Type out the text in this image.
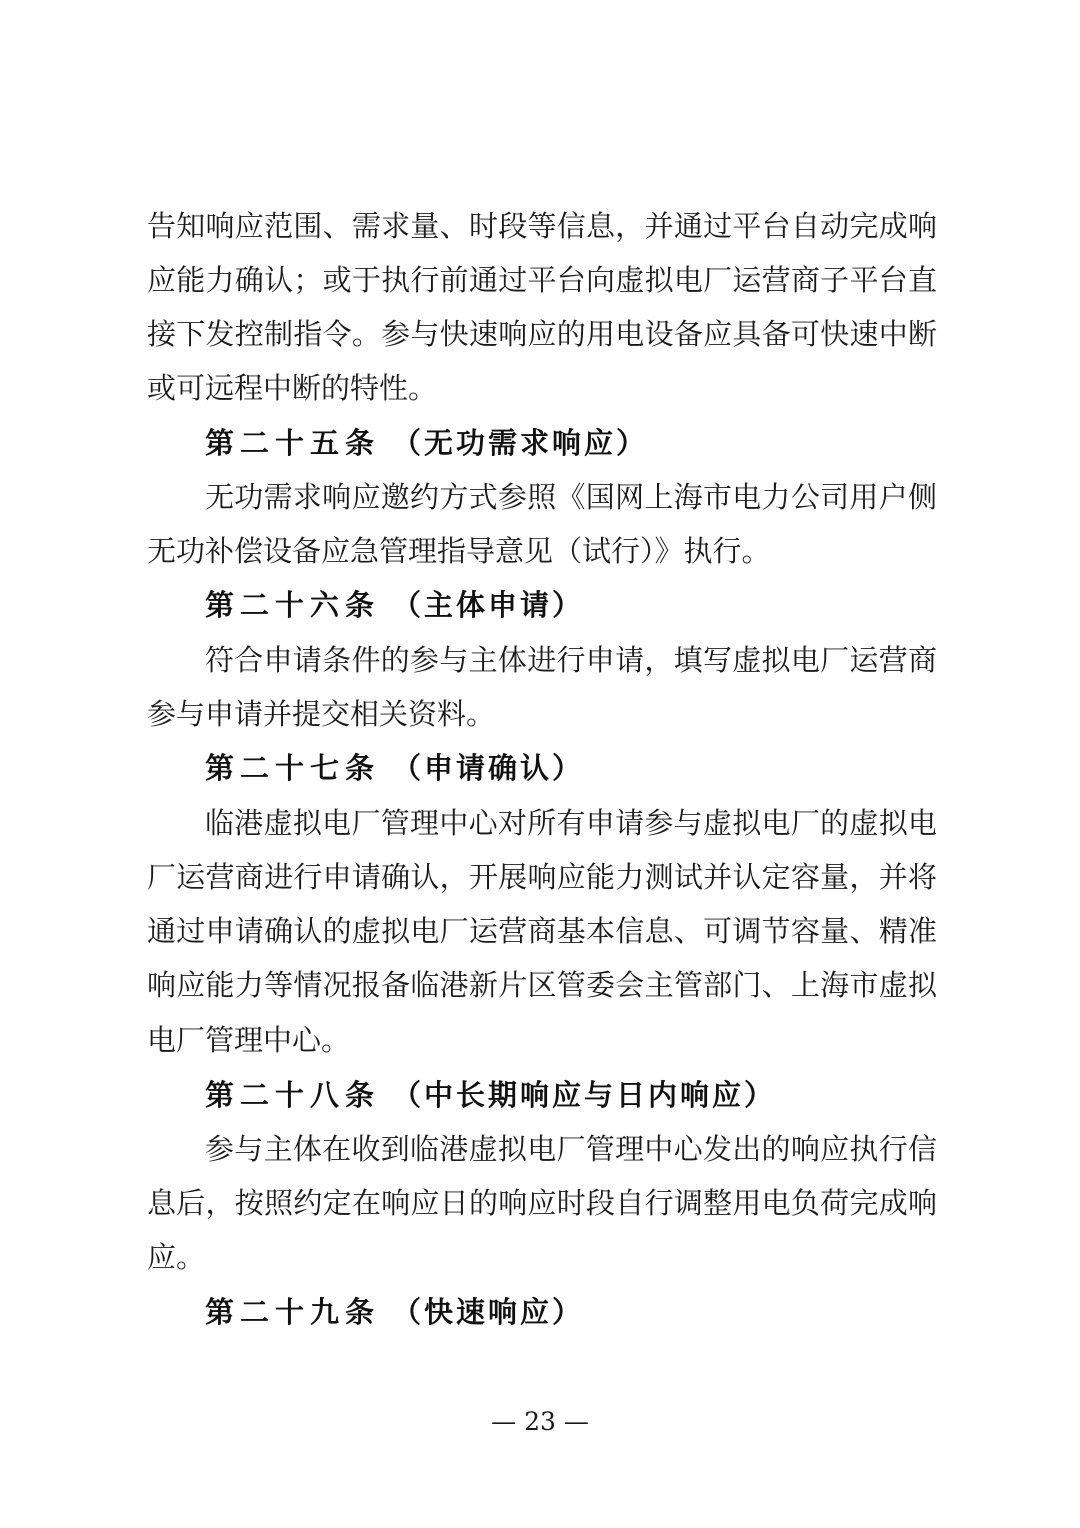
告知响应范围、需求量、时段等信息，并通过平台自动完成响
应能力确认；或于执行前通过平台向虚拟电厂运营商子平台直
接下发控制指令。参与快速响应的用电设备应具备可快速中断
或可远程中断的特性。
第二十五条 （无功需求响应）
无功需求响应邀约方式参照《国网上海市电力公司用户侧
无功补偿设备应急管理指导意见（试行）》执行。
第二十六条 （主体申请）
符合申请条件的参与主体进行申请，填写虚拟电厂运营商
参与申请并提交相关资料。
第二十七条 （申请确认）
临港虚拟电厂管理中心对所有申请参与虚拟电厂的虚拟电
厂运营商进行申请确认，开展响应能力测试并认定容量，并将
通过申请确认的虚拟电厂运营商基本信息、可调节容量、精准
响应能力等情况报备临港新片区管委会主管部门、上海市虚拟
电厂管理中心。
第二十八条 （中长期响应与日内响应）
参与主体在收到临港虚拟电厂管理中心发出的响应执行信
息后，按照约定在响应日的响应时段自行调整用电负荷完成响
应。
第二十九条 （快速响应）
— 23 —
